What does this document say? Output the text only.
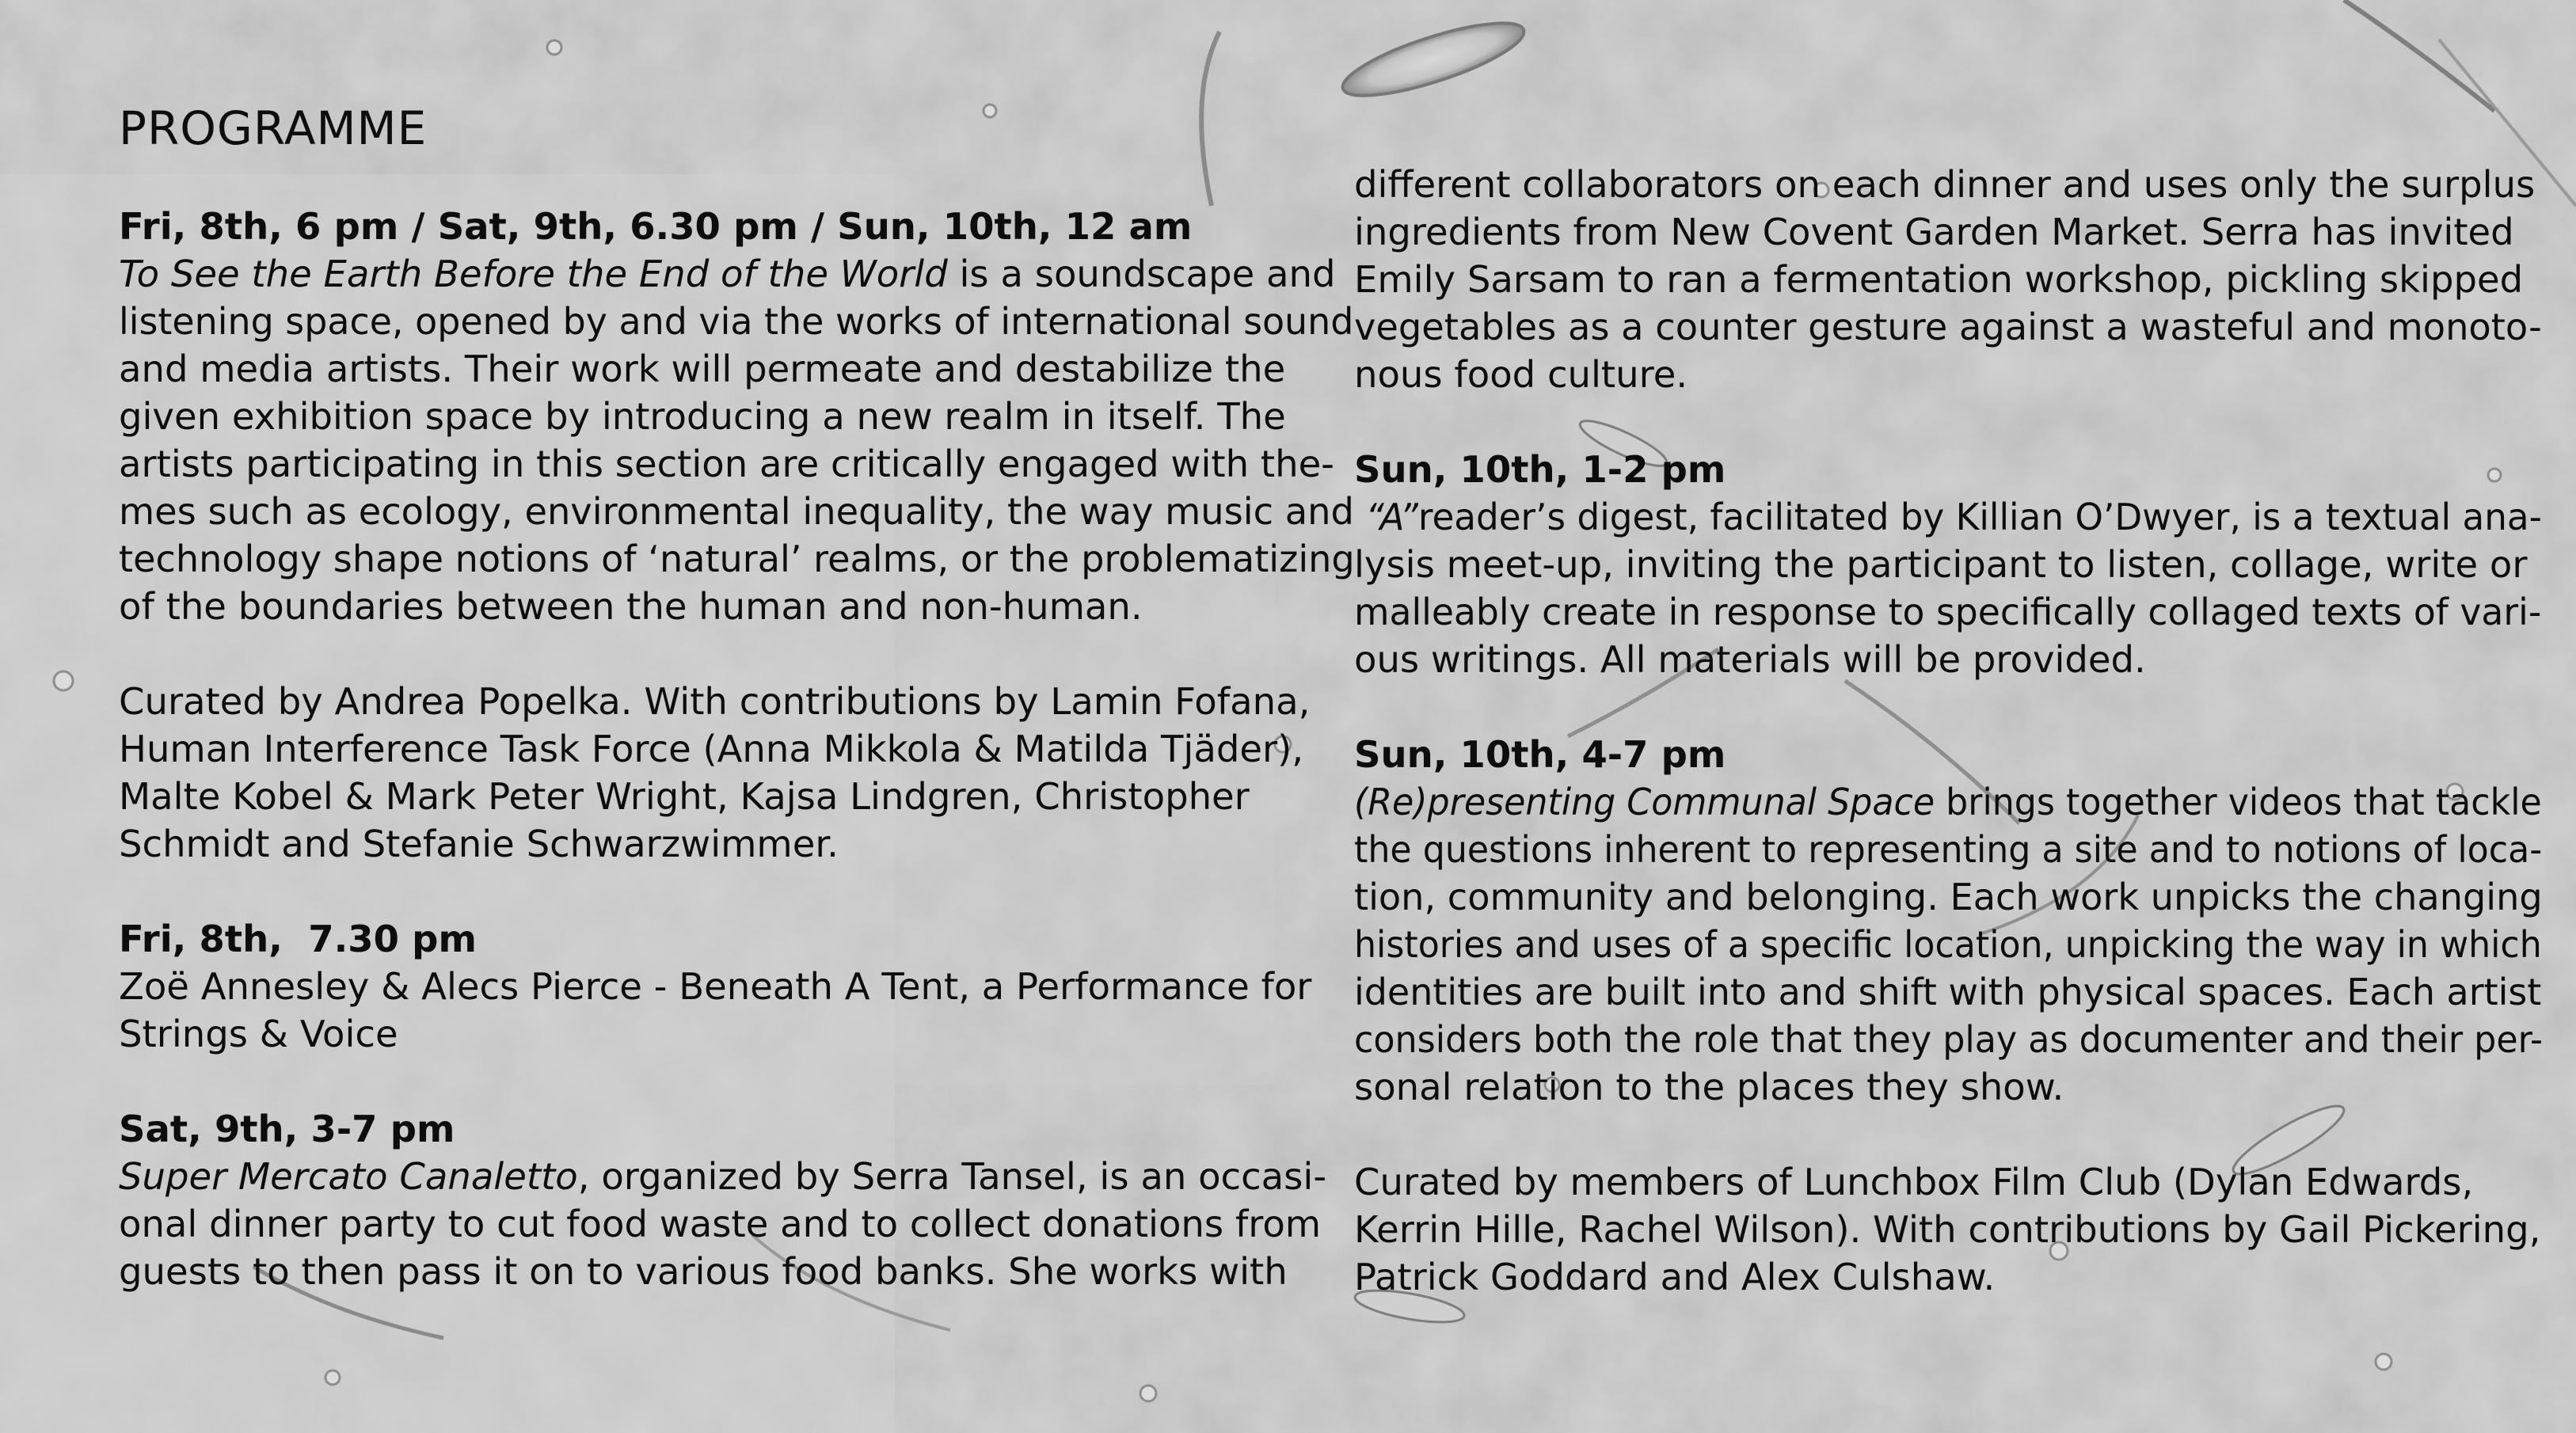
PROGRAMME
Fri, 8th, 6 pm / Sat, 9th, 6.30 pm / Sun, 10th, 12 am
To See the Earth Before the End of the World is a soundscape and
listening space, opened by and via the works of international sound
and media artists. Their work will permeate and destabilize the
given exhibition space by introducing a new realm in itself. The
artists participating in this section are critically engaged with the-
mes such as ecology, environmental inequality, the way music and
technology shape notions of ‘natural’ realms, or the problematizing
of the boundaries between the human and non-human.
Curated by Andrea Popelka. With contributions by Lamin Fofana,
Human Interference Task Force (Anna Mikkola & Matilda Tjäder),
Malte Kobel & Mark Peter Wright, Kajsa Lindgren, Christopher
Schmidt and Stefanie Schwarzwimmer.
Fri, 8th,  7.30 pm
Zoë Annesley & Alecs Pierce - Beneath A Tent, a Performance for
Strings & Voice
Sat, 9th, 3-7 pm
Super Mercato Canaletto, organized by Serra Tansel, is an occasi-
onal dinner party to cut food waste and to collect donations from
guests to then pass it on to various food banks. She works with
different collaborators on each dinner and uses only the surplus
ingredients from New Covent Garden Market. Serra has invited
Emily Sarsam to ran a fermentation workshop, pickling skipped
vegetables as a counter gesture against a wasteful and monoto-
nous food culture.
Sun, 10th, 1-2 pm
“A”reader’s digest, facilitated by Killian O’Dwyer, is a textual ana-
lysis meet-up, inviting the participant to listen, collage, write or
malleably create in response to specifically collaged texts of vari-
ous writings. All materials will be provided.
Sun, 10th, 4-7 pm
(Re)presenting Communal Space brings together videos that tackle
the questions inherent to representing a site and to notions of loca-
tion, community and belonging. Each work unpicks the changing
histories and uses of a specific location, unpicking the way in which
identities are built into and shift with physical spaces. Each artist
considers both the role that they play as documenter and their per-
sonal relation to the places they show.
Curated by members of Lunchbox Film Club (Dylan Edwards,
Kerrin Hille, Rachel Wilson). With contributions by Gail Pickering,
Patrick Goddard and Alex Culshaw.
